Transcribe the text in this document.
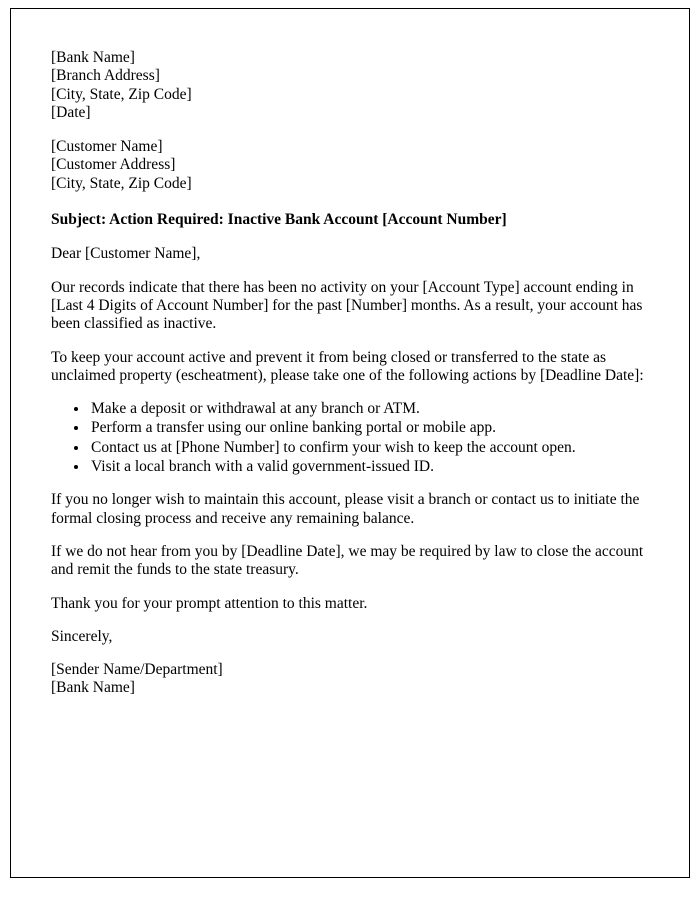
[Bank Name]
[Branch Address]
[City, State, Zip Code]
[Date]
[Customer Name]
[Customer Address]
[City, State, Zip Code]
Subject: Action Required: Inactive Bank Account [Account Number]

Dear [Customer Name],

Our records indicate that there has been no activity on your [Account Type] account ending in [Last 4 Digits of Account Number] for the past [Number] months. As a result, your account has been classified as inactive.

To keep your account active and prevent it from being closed or transferred to the state as unclaimed property (escheatment), please take one of the following actions by [Deadline Date]:

• Make a deposit or withdrawal at any branch or ATM.
• Perform a transfer using our online banking portal or mobile app.
• Contact us at [Phone Number] to confirm your wish to keep the account open.
• Visit a local branch with a valid government-issued ID.

If you no longer wish to maintain this account, please visit a branch or contact us to initiate the formal closing process and receive any remaining balance.

If we do not hear from you by [Deadline Date], we may be required by law to close the account and remit the funds to the state treasury.

Thank you for your prompt attention to this matter.

Sincerely,

[Sender Name/Department]
[Bank Name]
